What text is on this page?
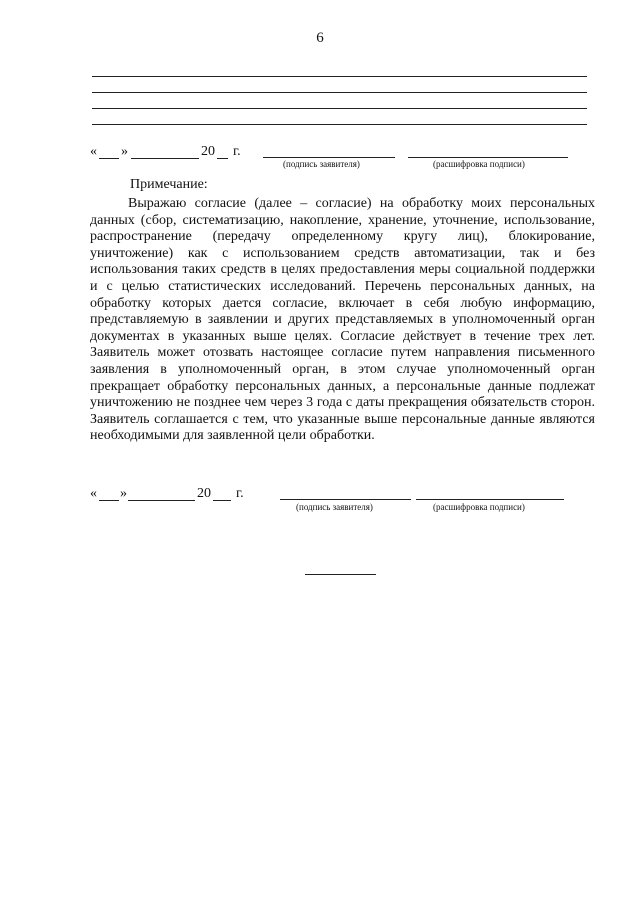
6
« »	20 г.
(подпись заявителя)	(расшифровка подписи)
Примечание:

Выражаю согласие (далее – согласие) на обработку моих персональных данных (сбор, систематизацию, накопление, хранение, уточнение, использование, распространение (передачу определенному кругу лиц), блокирование, уничтожение) как с использованием средств автоматизации, так и без использования таких средств в целях предоставления меры социальной поддержки и с целью статистических исследований. Перечень персональных данных, на обработку которых дается согласие, включает в себя любую информацию, представляемую в заявлении и других представляемых в уполномоченный орган документах в указанных выше целях. Согласие действует в течение трех лет. Заявитель может отозвать настоящее согласие путем направления письменного заявления в уполномоченный орган, в этом случае уполномоченный орган прекращает обработку персональных данных, а персональные данные подлежат уничтожению не позднее чем через 3 года с даты прекращения обязательств сторон. Заявитель соглашается с тем, что указанные выше персональные данные являются необходимыми для заявленной цели обработки.

« »	20 г.
(подпись заявителя)	(расшифровка подписи)
